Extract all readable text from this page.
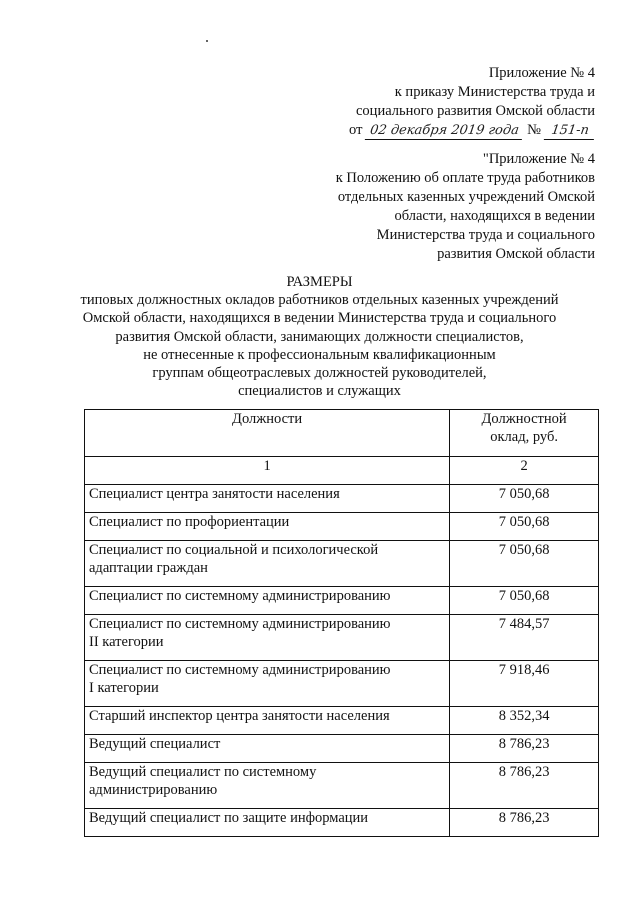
Приложение № 4
к приказу Министерства труда и
социального развития Омской области
от 02 декабря 2019 года № 151-п
"Приложение № 4
к Положению об оплате труда работников
отдельных казенных учреждений Омской
области, находящихся в ведении
Министерства труда и социального
развития Омской области
РАЗМЕРЫ
типовых должностных окладов работников отдельных казенных учреждений
Омской области, находящихся в ведении Министерства труда и социального
развития Омской области, занимающих должности специалистов,
не отнесенные к профессиональным квалификационным
группам общеотраслевых должностей руководителей,
специалистов и служащих
Должности	Должностной
оклад, руб.

1	2

Специалист центра занятости населения	7 050,68

Специалист по профориентации	7 050,68

Специалист по социальной и психологической
адаптации граждан	7 050,68

Специалист по системному администрированию	7 050,68

Специалист по системному администрированию
II категории	7 484,57

Специалист по системному администрированию
I категории	7 918,46

Старший инспектор центра занятости населения	8 352,34

Ведущий специалист	8 786,23

Ведущий специалист по системному
администрированию	8 786,23

Ведущий специалист по защите информации	8 786,23
